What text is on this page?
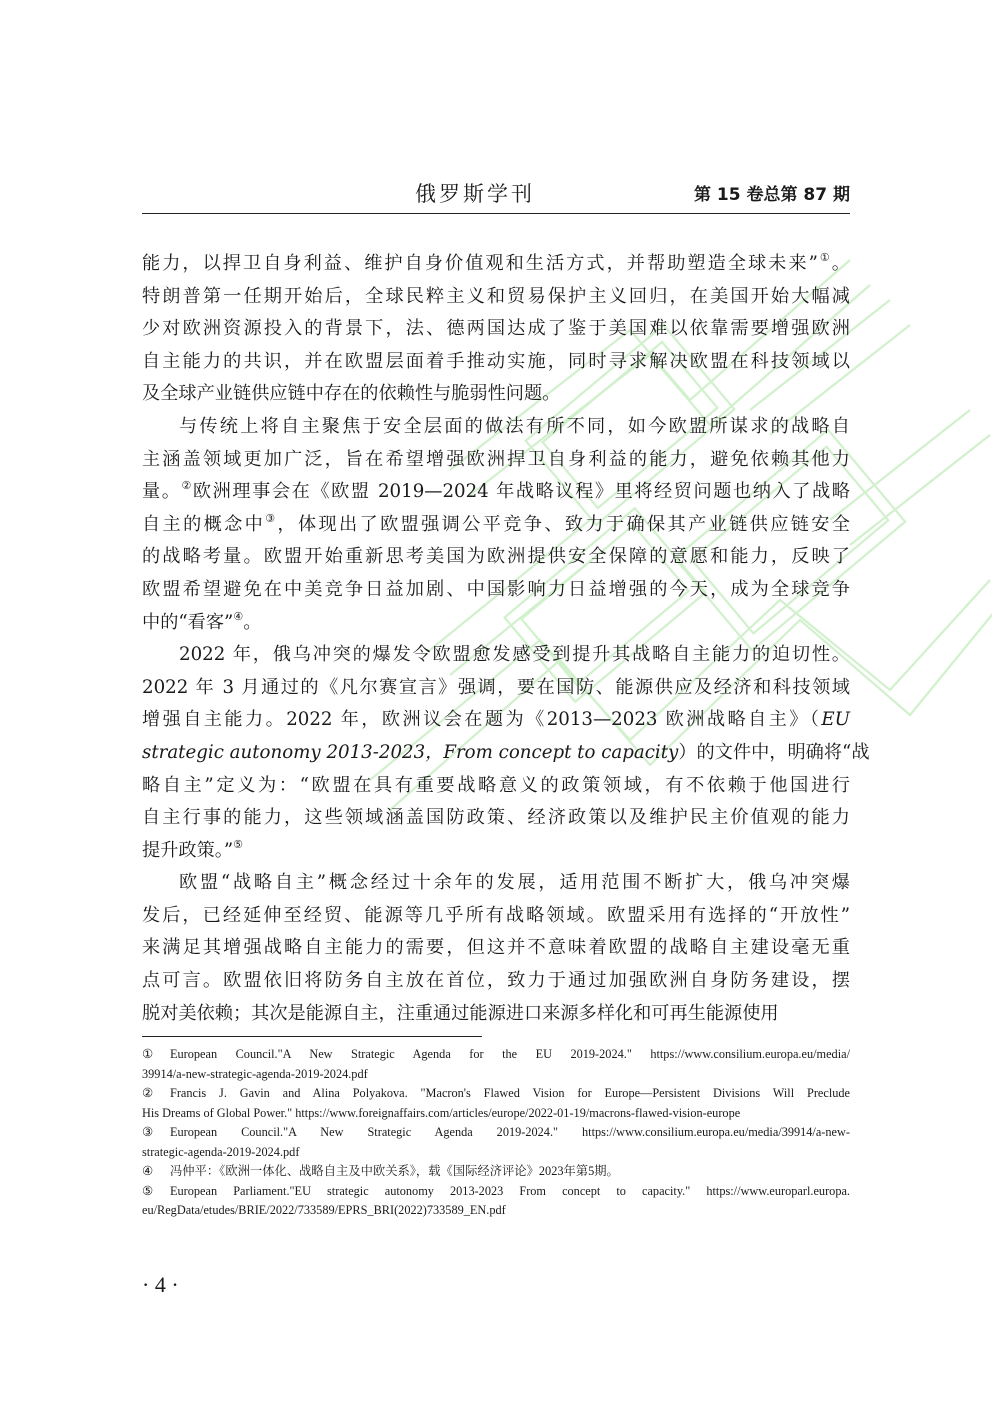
俄罗斯学刊	第 15 卷总第 87 期
能力，以捍卫自身利益、维护自身价值观和生活方式，并帮助塑造全球未来”①。
特朗普第一任期开始后，全球民粹主义和贸易保护主义回归，在美国开始大幅减
少对欧洲资源投入的背景下，法、德两国达成了鉴于美国难以依靠需要增强欧洲
自主能力的共识，并在欧盟层面着手推动实施，同时寻求解决欧盟在科技领域以
及全球产业链供应链中存在的依赖性与脆弱性问题。
与传统上将自主聚焦于安全层面的做法有所不同，如今欧盟所谋求的战略自
主涵盖领域更加广泛，旨在希望增强欧洲捍卫自身利益的能力，避免依赖其他力
量。②欧洲理事会在《欧盟 2019—2024 年战略议程》里将经贸问题也纳入了战略
自主的概念中③，体现出了欧盟强调公平竞争、致力于确保其产业链供应链安全
的战略考量。欧盟开始重新思考美国为欧洲提供安全保障的意愿和能力，反映了
欧盟希望避免在中美竞争日益加剧、中国影响力日益增强的今天，成为全球竞争
中的“看客”④。
2022 年，俄乌冲突的爆发令欧盟愈发感受到提升其战略自主能力的迫切性。
2022 年 3 月通过的《凡尔赛宣言》强调，要在国防、能源供应及经济和科技领域
增强自主能力。2022 年，欧洲议会在题为《2013—2023 欧洲战略自主》（EU
strategic autonomy 2013-2023，From concept to capacity）的文件中，明确将“战
略自主”定义为：“欧盟在具有重要战略意义的政策领域，有不依赖于他国进行
自主行事的能力，这些领域涵盖国防政策、经济政策以及维护民主价值观的能力
提升政策。”⑤
欧盟“战略自主”概念经过十余年的发展，适用范围不断扩大，俄乌冲突爆
发后，已经延伸至经贸、能源等几乎所有战略领域。欧盟采用有选择的“开放性”
来满足其增强战略自主能力的需要，但这并不意味着欧盟的战略自主建设毫无重
点可言。欧盟依旧将防务自主放在首位，致力于通过加强欧洲自身防务建设，摆
脱对美依赖；其次是能源自主，注重通过能源进口来源多样化和可再生能源使用
① European Council."A New Strategic Agenda for the EU 2019-2024." https://www.consilium.europa.eu/media/
39914/a-new-strategic-agenda-2019-2024.pdf
② Francis J. Gavin and Alina Polyakova. "Macron's Flawed Vision for Europe—Persistent Divisions Will Preclude
His Dreams of Global Power." https://www.foreignaffairs.com/articles/europe/2022-01-19/macrons-flawed-vision-europe
③ European Council."A New Strategic Agenda 2019-2024." https://www.consilium.europa.eu/media/39914/a-new-
strategic-agenda-2019-2024.pdf
④ 冯仲平：《欧洲一体化、战略自主及中欧关系》，载《国际经济评论》2023年第5期。
⑤ European Parliament."EU strategic autonomy 2013-2023 From concept to capacity." https://www.europarl.europa.
eu/RegData/etudes/BRIE/2022/733589/EPRS_BRI(2022)733589_EN.pdf
· 4 ·
